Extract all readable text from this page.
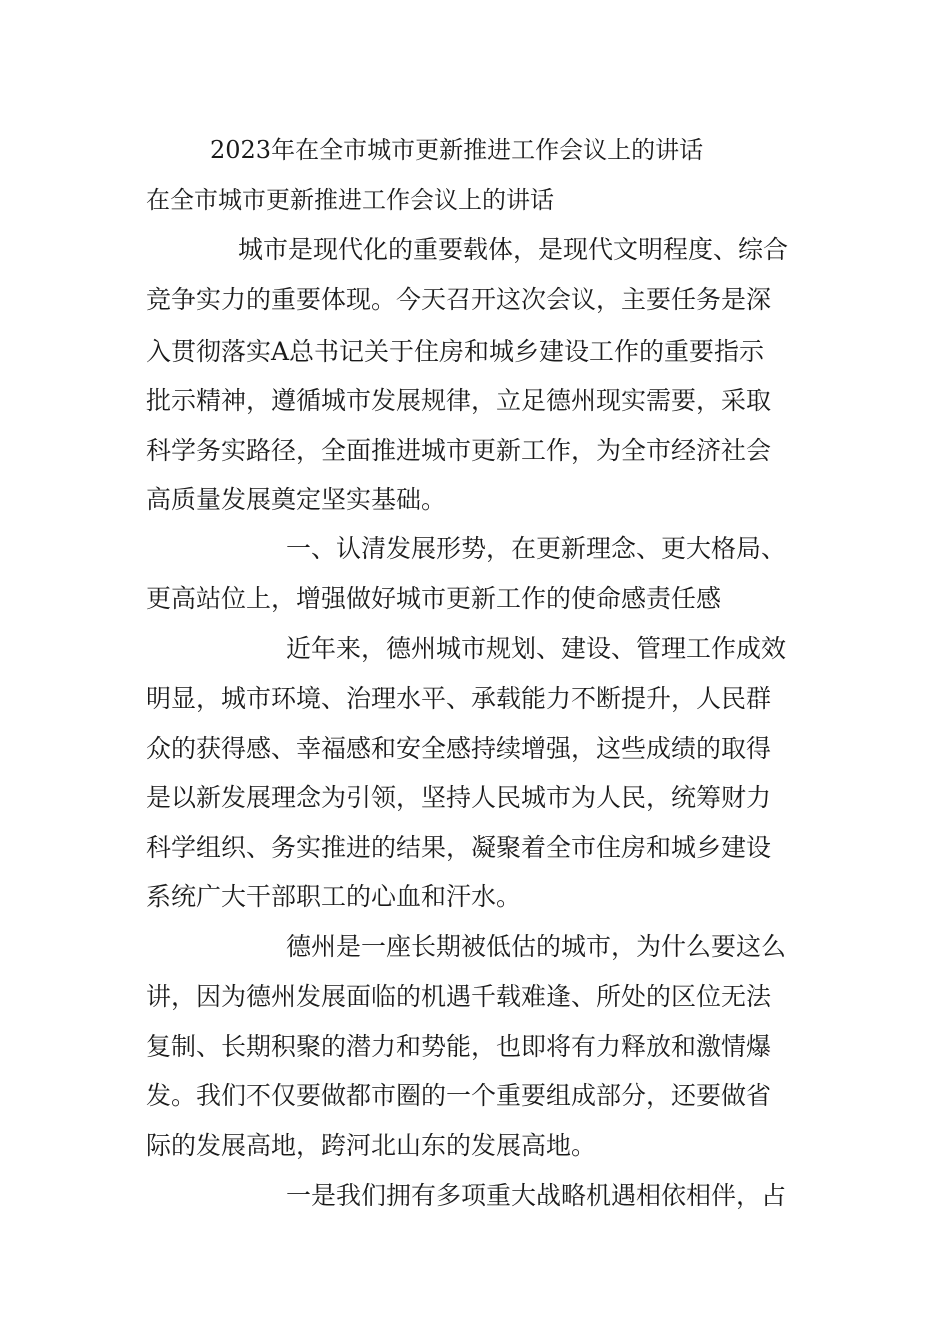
2023年在全市城市更新推进工作会议上的讲话
在全市城市更新推进工作会议上的讲话
城市是现代化的重要载体，是现代文明程度、综合
竞争实力的重要体现。今天召开这次会议，主要任务是深
入贯彻落实A总书记关于住房和城乡建设工作的重要指示
批示精神，遵循城市发展规律，立足德州现实需要，采取
科学务实路径，全面推进城市更新工作，为全市经济社会
高质量发展奠定坚实基础。
一、认清发展形势，在更新理念、更大格局、
更高站位上，增强做好城市更新工作的使命感责任感
近年来，德州城市规划、建设、管理工作成效
明显，城市环境、治理水平、承载能力不断提升，人民群
众的获得感、幸福感和安全感持续增强，这些成绩的取得
是以新发展理念为引领，坚持人民城市为人民，统筹财力
科学组织、务实推进的结果，凝聚着全市住房和城乡建设
系统广大干部职工的心血和汗水。
德州是一座长期被低估的城市，为什么要这么
讲，因为德州发展面临的机遇千载难逢、所处的区位无法
复制、长期积聚的潜力和势能，也即将有力释放和激情爆
发。我们不仅要做都市圈的一个重要组成部分，还要做省
际的发展高地，跨河北山东的发展高地。
一是我们拥有多项重大战略机遇相依相伴，占
